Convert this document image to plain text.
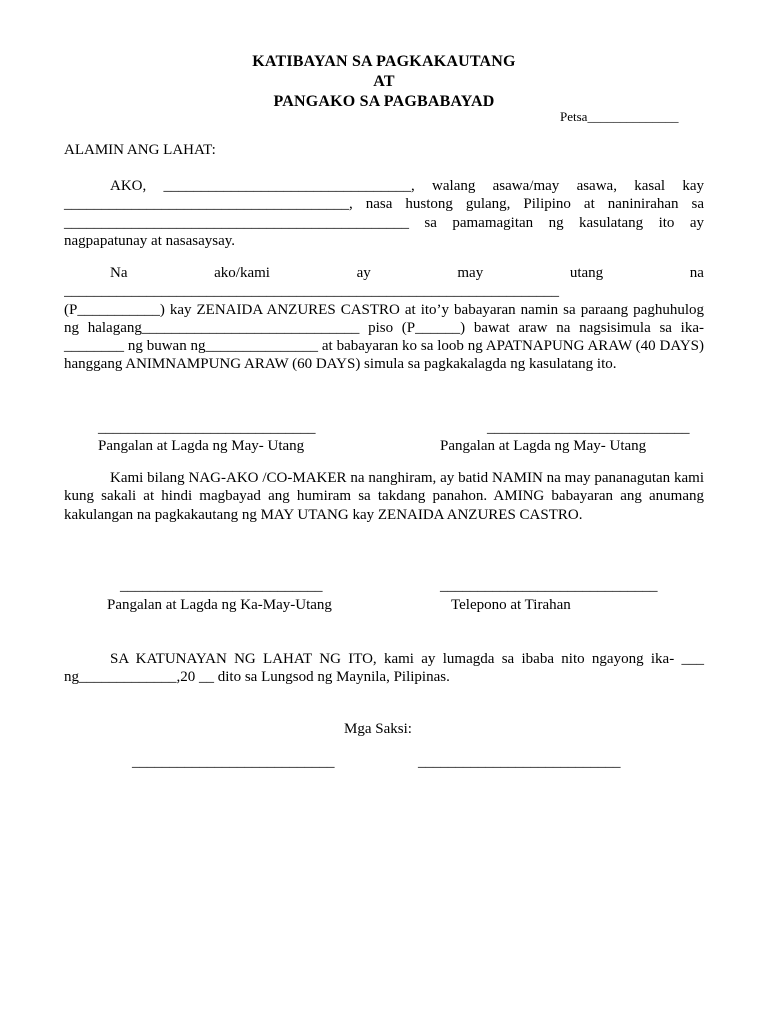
KATIBAYAN SA PAGKAKAUTANG
AT
PANGAKO SA PAGBABAYAD
Petsa______________
ALAMIN ANG LAHAT:

AKO, _________________________________, walang asawa/may asawa, kasal kay ______________________________________, nasa hustong gulang, Pilipino at naninirahan sa ______________________________________________ sa pamamagitan ng kasulatang ito ay nagpapatunay at nasasaysay.

Na	ako/kami	ay	may	utang	na
__________________________________________________________________

(P___________) kay ZENAIDA ANZURES CASTRO at ito’y babayaran namin sa paraang paghuhulog ng halagang_____________________________ piso (P______) bawat araw na nagsisimula sa ika-________ ng buwan ng_______________ at babayaran ko sa loob ng APATNAPUNG ARAW (40 DAYS) hanggang ANIMNAMPUNG ARAW (60 DAYS) simula sa pagkakalagda ng kasulatang ito.

_____________________________	___________________________
Pangalan at Lagda ng May- Utang	Pangalan at Lagda ng May- Utang

Kami bilang NAG-AKO /CO-MAKER na nanghiram, ay batid NAMIN na may pananagutan kami kung sakali at hindi magbayad ang humiram sa takdang panahon. AMING babayaran ang anumang kakulangan na pagkakautang ng MAY UTANG kay ZENAIDA ANZURES CASTRO.

___________________________	_____________________________
Pangalan at Lagda ng Ka-May-Utang	Telepono at Tirahan

SA KATUNAYAN NG LAHAT NG ITO, kami ay lumagda sa ibaba nito ngayong ika- ___ ng_____________,20 __ dito sa Lungsod ng Maynila, Pilipinas.

Mga Saksi:
___________________________	___________________________
